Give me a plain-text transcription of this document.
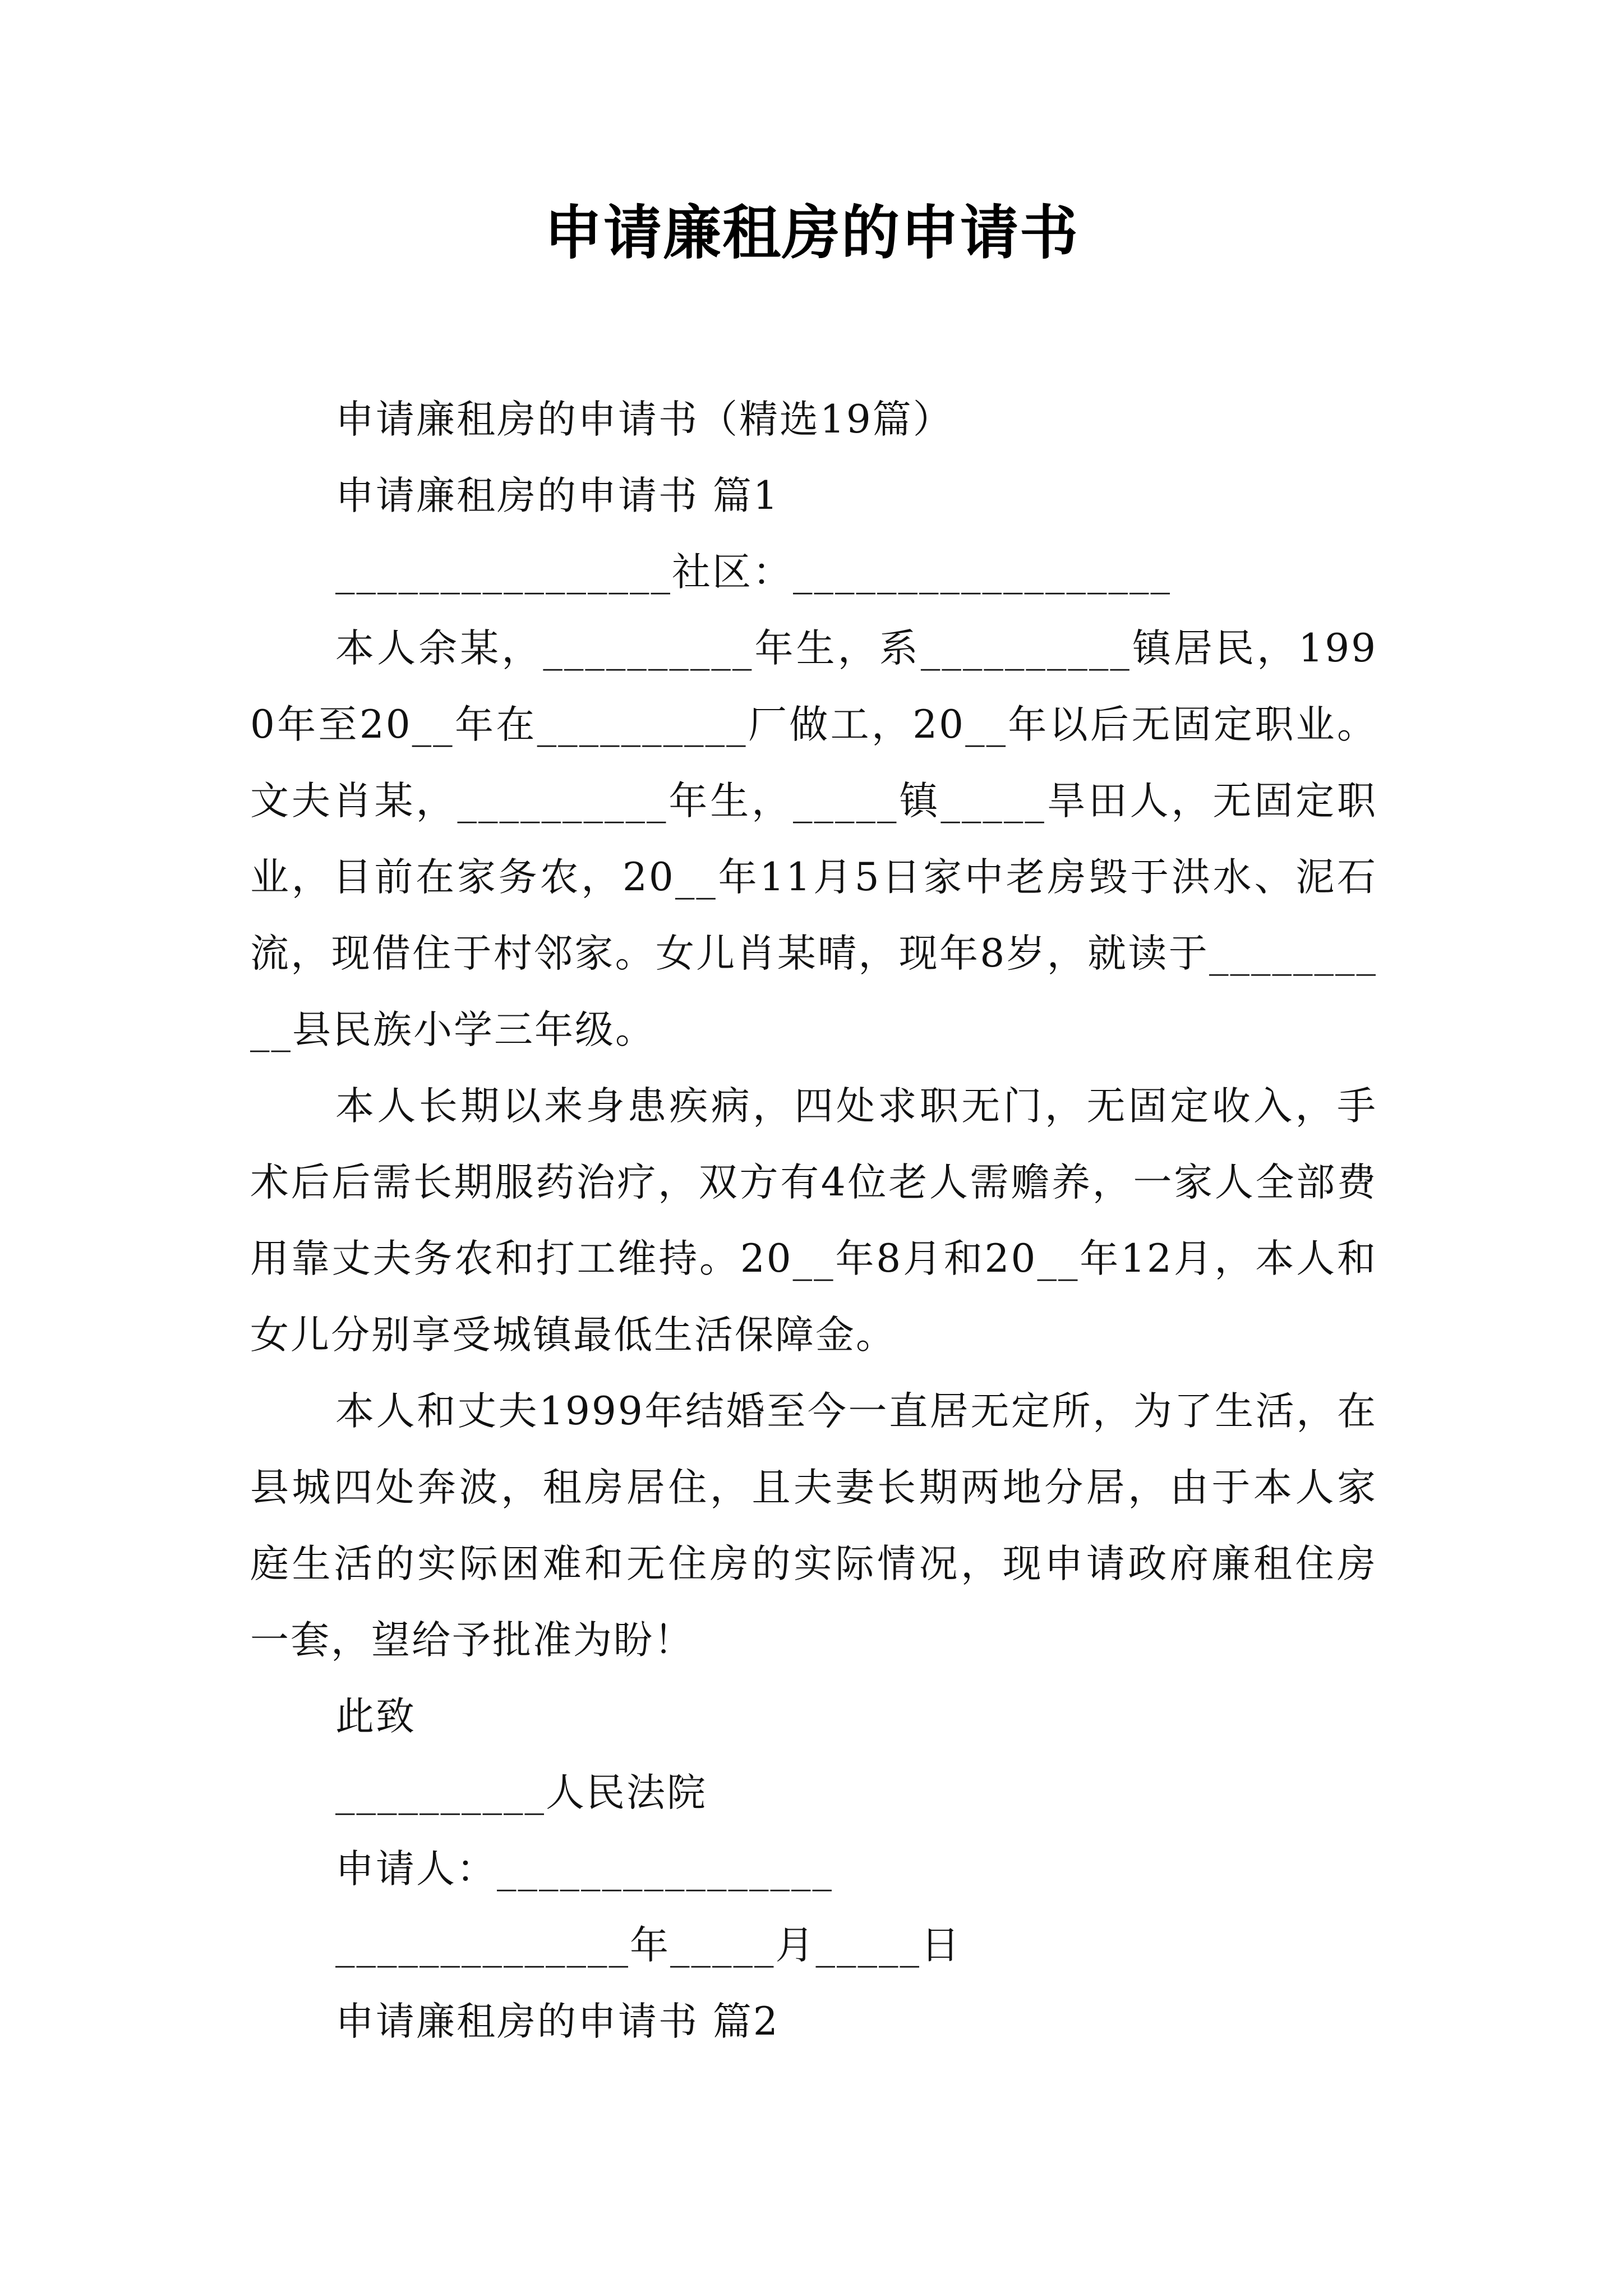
申请廉租房的申请书

申请廉租房的申请书（精选19篇）

申请廉租房的申请书 篇1

________________社区：__________________

本人余某，__________年生，系__________镇居民，1990年至20__年在__________厂做工，20__年以后无固定职业。文夫肖某，__________年生，_____镇_____旱田人，无固定职业，目前在家务农，20__年11月5日家中老房毁于洪水、泥石流，现借住于村邻家。女儿肖某晴，现年8岁，就读于__________县民族小学三年级。

本人长期以来身患疾病，四处求职无门，无固定收入，手术后后需长期服药治疗，双方有4位老人需赡养，一家人全部费用靠丈夫务农和打工维持。20__年8月和20__年12月，本人和女儿分别享受城镇最低生活保障金。

本人和丈夫1999年结婚至今一直居无定所，为了生活，在县城四处奔波，租房居住，且夫妻长期两地分居，由于本人家庭生活的实际困难和无住房的实际情况，现申请政府廉租住房一套，望给予批准为盼！

此致

__________人民法院

申请人：________________

______________年_____月_____日

申请廉租房的申请书 篇2
